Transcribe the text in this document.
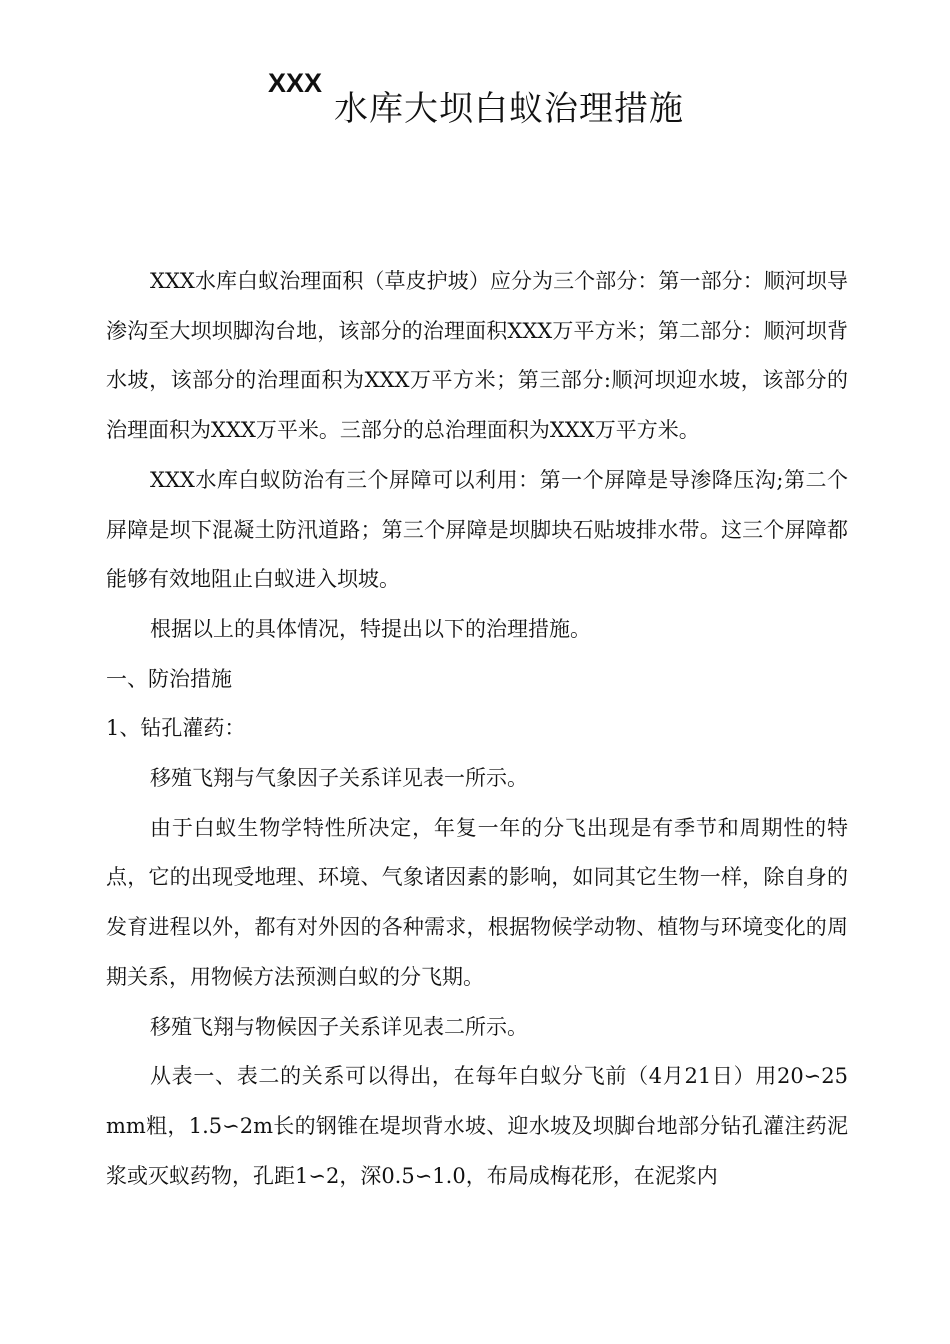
XXX
水库大坝白蚁治理措施

XXX水库白蚁治理面积（草皮护坡）应分为三个部分：第一部分：顺河坝导渗沟至大坝坝脚沟台地，该部分的治理面积XXX万平方米；第二部分：顺河坝背水坡，该部分的治理面积为XXX万平方米；第三部分:顺河坝迎水坡，该部分的治理面积为XXX万平米。三部分的总治理面积为XXX万平方米。

XXX水库白蚁防治有三个屏障可以利用：第一个屏障是导渗降压沟;第二个屏障是坝下混凝土防汛道路；第三个屏障是坝脚块石贴坡排水带。这三个屏障都能够有效地阻止白蚁进入坝坡。

根据以上的具体情况，特提出以下的治理措施。

一、防治措施

1、钻孔灌药：

移殖飞翔与气象因子关系详见表一所示。

由于白蚁生物学特性所决定，年复一年的分飞出现是有季节和周期性的特点，它的出现受地理、环境、气象诸因素的影响，如同其它生物一样，除自身的发育进程以外，都有对外因的各种需求，根据物候学动物、植物与环境变化的周期关系，用物候方法预测白蚁的分飞期。

移殖飞翔与物候因子关系详见表二所示。

从表一、表二的关系可以得出，在每年白蚁分飞前（4月21日）用20∽25mm粗，1.5∽2m长的钢锥在堤坝背水坡、迎水坡及坝脚台地部分钻孔灌注药泥浆或灭蚁药物，孔距1∽2，深0.5∽1.0，布局成梅花形，在泥浆内
